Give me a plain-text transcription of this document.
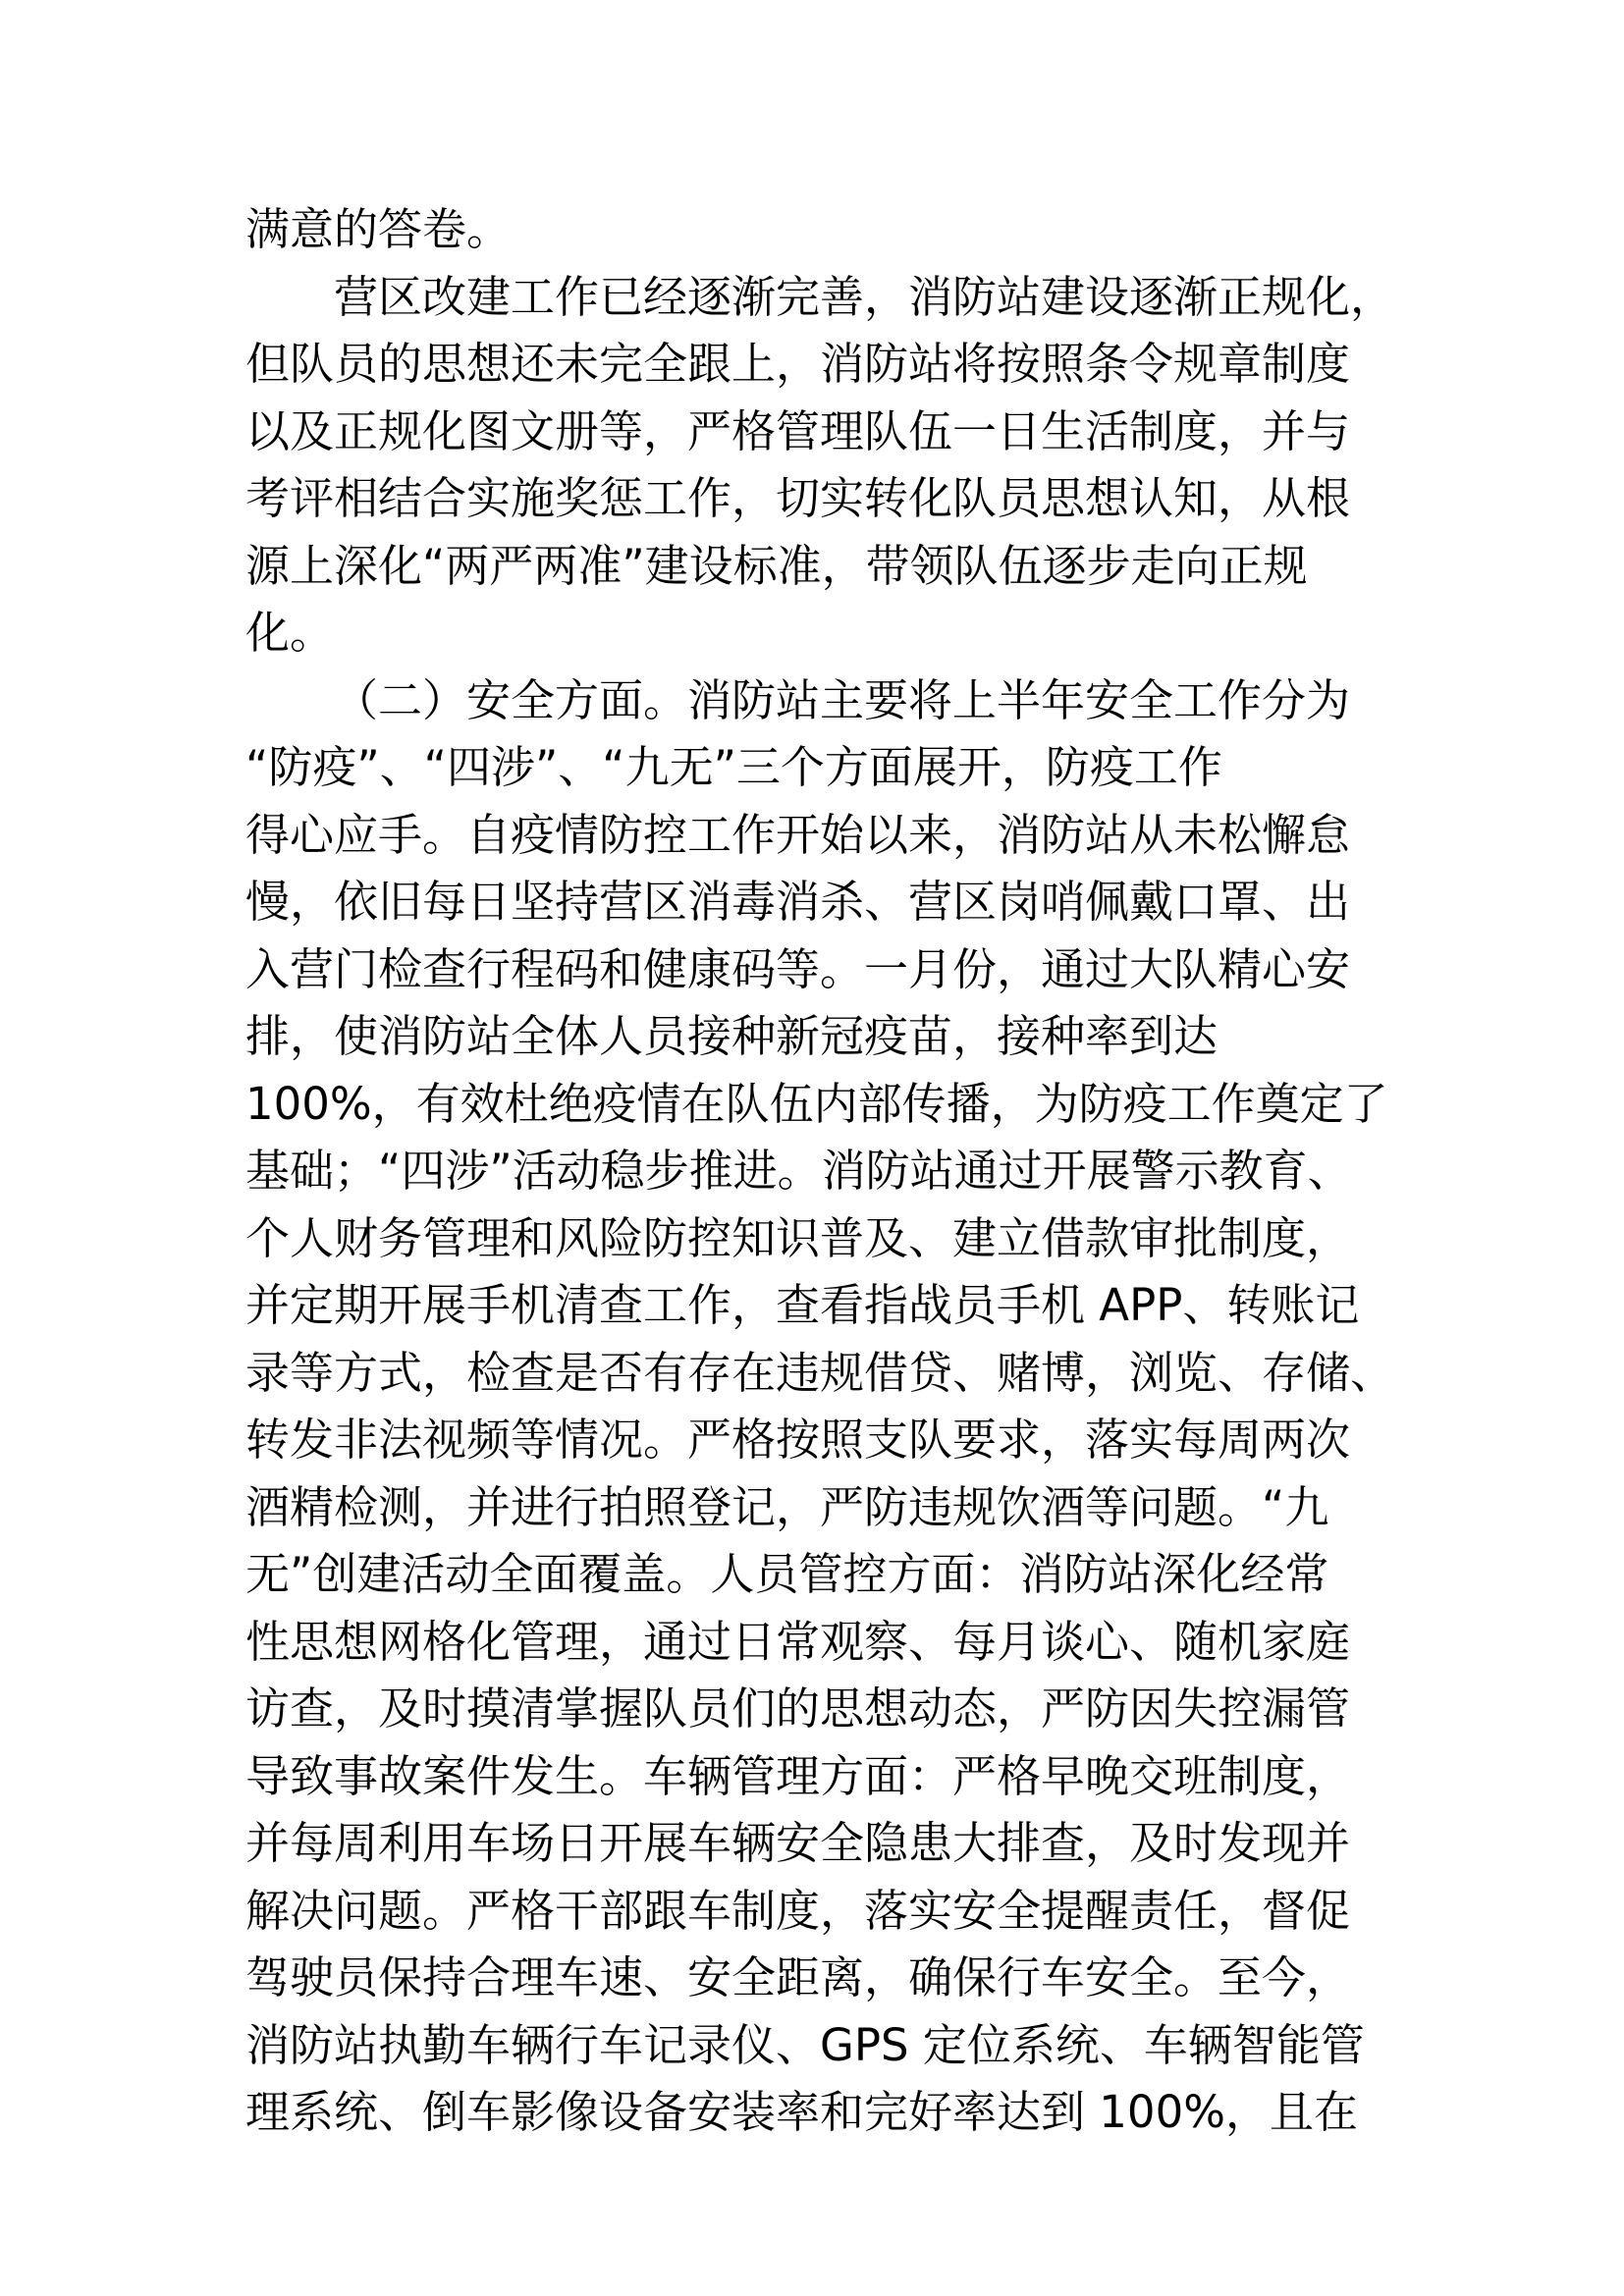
满意的答卷。
营区改建工作已经逐渐完善，消防站建设逐渐正规化，
但队员的思想还未完全跟上，消防站将按照条令规章制度
以及正规化图文册等，严格管理队伍一日生活制度，并与
考评相结合实施奖惩工作，切实转化队员思想认知，从根
源上深化“两严两准”建设标准，带领队伍逐步走向正规
化。
（二）安全方面。消防站主要将上半年安全工作分为
“防疫”、“四涉”、“九无”三个方面展开，防疫工作
得心应手。自疫情防控工作开始以来，消防站从未松懈怠
慢，依旧每日坚持营区消毒消杀、营区岗哨佩戴口罩、出
入营门检查行程码和健康码等。一月份，通过大队精心安
排，使消防站全体人员接种新冠疫苗，接种率到达
100%，有效杜绝疫情在队伍内部传播，为防疫工作奠定了
基础；“四涉”活动稳步推进。消防站通过开展警示教育、
个人财务管理和风险防控知识普及、建立借款审批制度，
并定期开展手机清查工作，查看指战员手机 APP、转账记
录等方式，检查是否有存在违规借贷、赌博，浏览、存储、
转发非法视频等情况。严格按照支队要求，落实每周两次
酒精检测，并进行拍照登记，严防违规饮酒等问题。“九
无”创建活动全面覆盖。人员管控方面：消防站深化经常
性思想网格化管理，通过日常观察、每月谈心、随机家庭
访查，及时摸清掌握队员们的思想动态，严防因失控漏管
导致事故案件发生。车辆管理方面：严格早晚交班制度，
并每周利用车场日开展车辆安全隐患大排查，及时发现并
解决问题。严格干部跟车制度，落实安全提醒责任，督促
驾驶员保持合理车速、安全距离，确保行车安全。至今，
消防站执勤车辆行车记录仪、GPS 定位系统、车辆智能管
理系统、倒车影像设备安装率和完好率达到 100%，且在
